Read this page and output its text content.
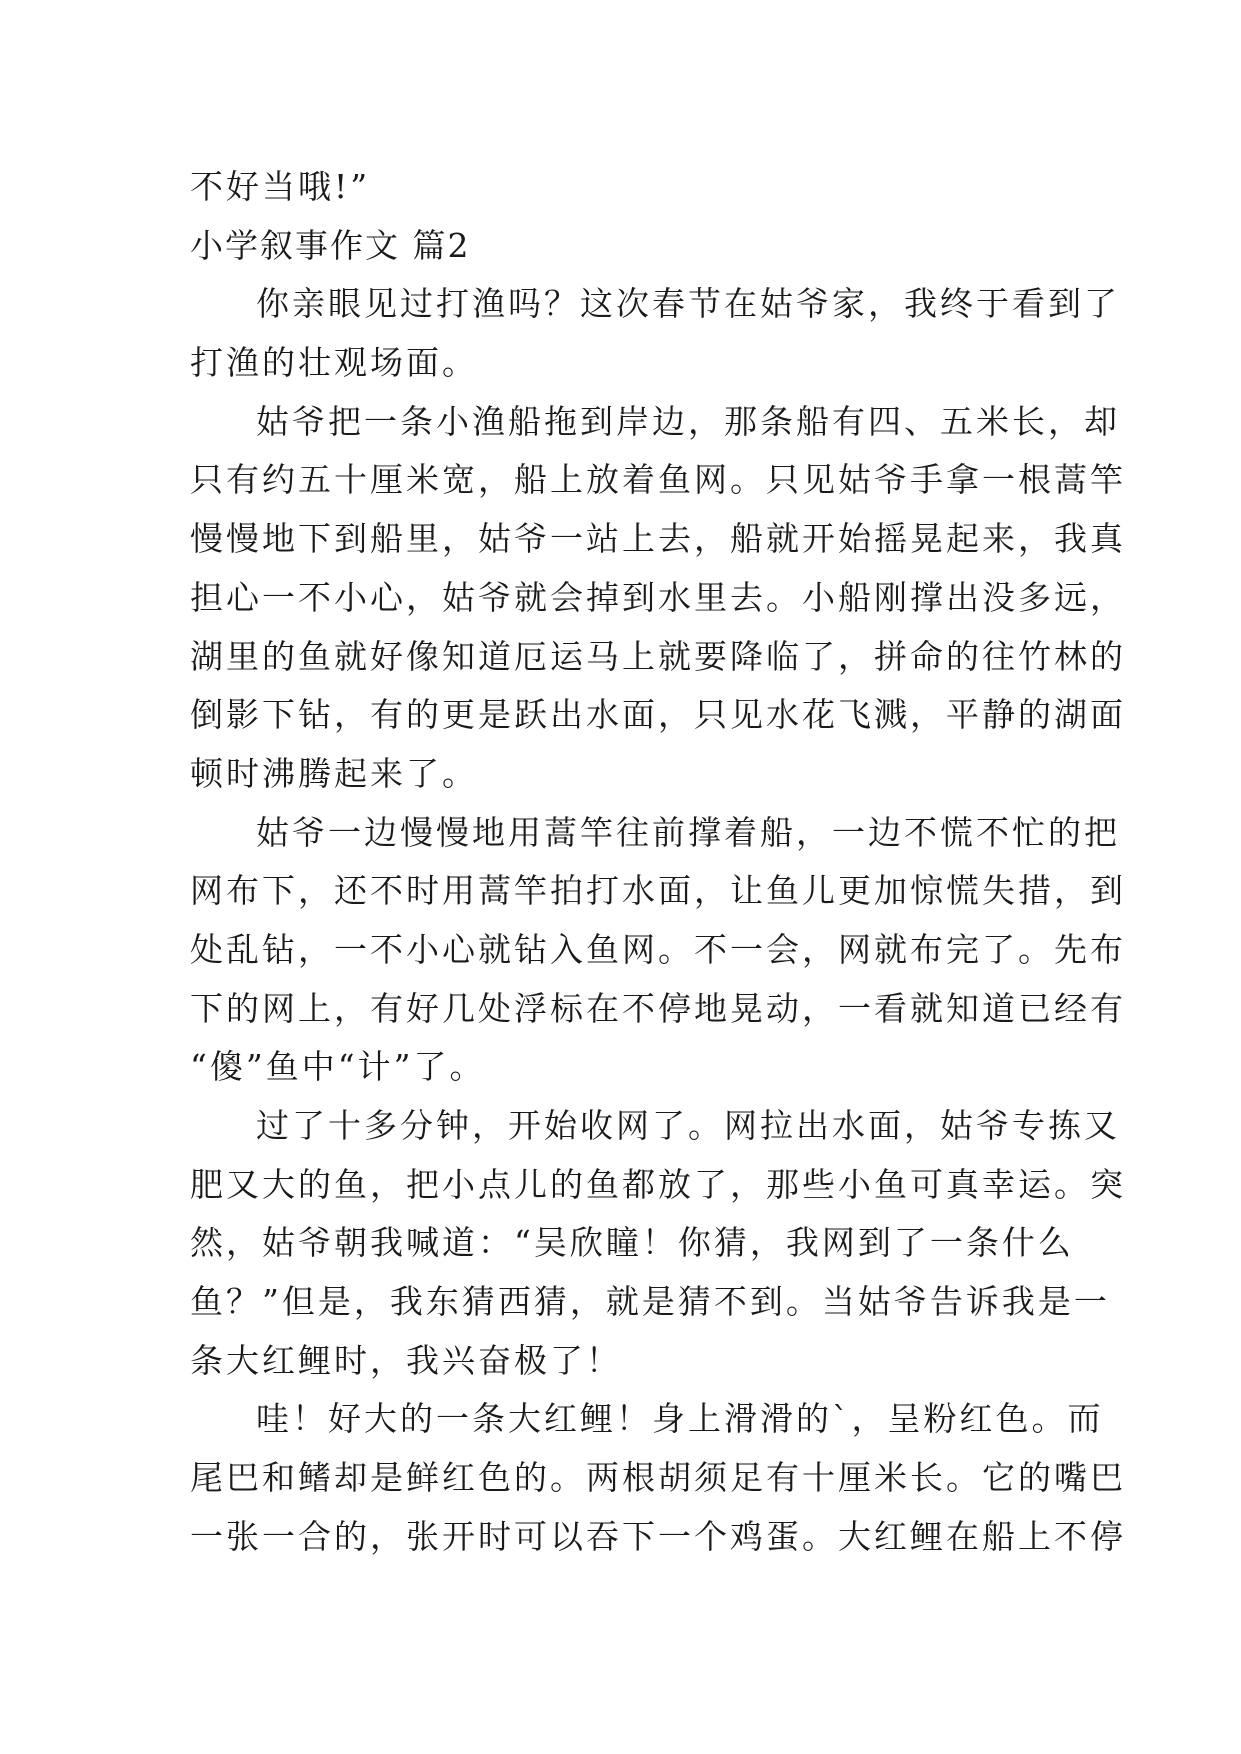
不好当哦!”
小学叙事作文 篇2
你亲眼见过打渔吗？这次春节在姑爷家，我终于看到了
打渔的壮观场面。
姑爷把一条小渔船拖到岸边，那条船有四、五米长，却
只有约五十厘米宽，船上放着鱼网。只见姑爷手拿一根蒿竿
慢慢地下到船里，姑爷一站上去，船就开始摇晃起来，我真
担心一不小心，姑爷就会掉到水里去。小船刚撑出没多远，
湖里的鱼就好像知道厄运马上就要降临了，拼命的往竹林的
倒影下钻，有的更是跃出水面，只见水花飞溅，平静的湖面
顿时沸腾起来了。
姑爷一边慢慢地用蒿竿往前撑着船，一边不慌不忙的把
网布下，还不时用蒿竿拍打水面，让鱼儿更加惊慌失措，到
处乱钻，一不小心就钻入鱼网。不一会，网就布完了。先布
下的网上，有好几处浮标在不停地晃动，一看就知道已经有
“傻”鱼中“计”了。
过了十多分钟，开始收网了。网拉出水面，姑爷专拣又
肥又大的鱼，把小点儿的鱼都放了，那些小鱼可真幸运。突
然，姑爷朝我喊道：“吴欣瞳！你猜，我网到了一条什么
鱼？”但是，我东猜西猜，就是猜不到。当姑爷告诉我是一
条大红鲤时，我兴奋极了！
哇！好大的一条大红鲤！身上滑滑的`，呈粉红色。而
尾巴和鳍却是鲜红色的。两根胡须足有十厘米长。它的嘴巴
一张一合的，张开时可以吞下一个鸡蛋。大红鲤在船上不停
